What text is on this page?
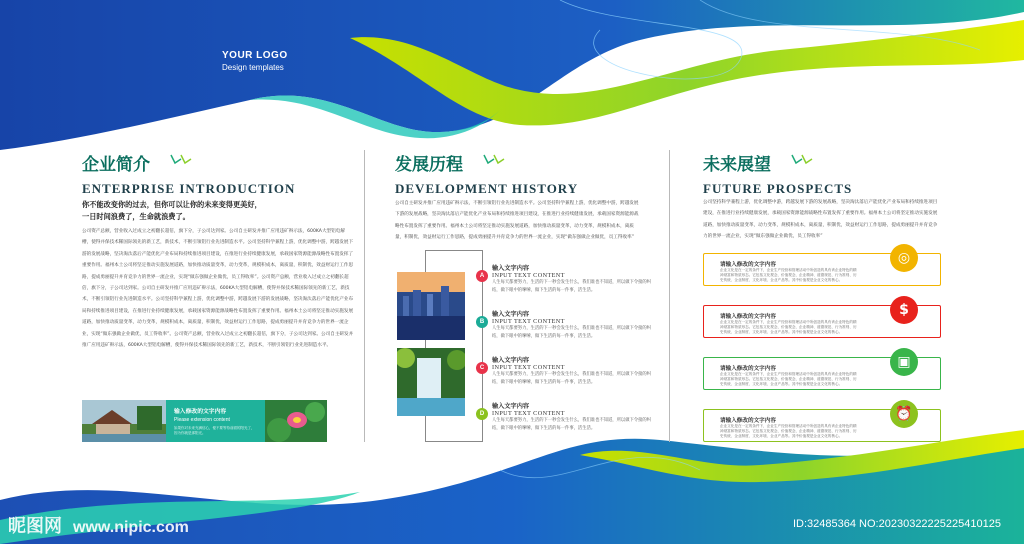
YOUR LOGO
Design templates
企业简介
ENTERPRISE INTRODUCTION
你不能改变你的过去，但你可以让你的未来变得更美好，
一日时间浪费了，生命就浪费了。
公司资产总额，营业收入过成立之初翻长超倍，旗下分，子公司达到家。公司自主研发并推广应用违矿辩示法，600KA大型铝电解槽，使得并保技术稀国际领先的新工艺，新技术，不断引领铝行业先进制造水平。公司坚持科学兼程上游，优化调整中游，跨越发展下游的发展战略，坚决淘汰落后产能优化产业布局和持续推进项目建设，在推进行业持续健康发展，承载国家资源能源战略性布置发挥了重要作用。福州本土公司将坚定推动实施发展道路，加快推动质量变革，动力变革，规模积成本，离质量，积制优，效益财运行工作思路，提成勇丽提升并育竞争力的世界一流企业，实现“做东强做企业做优，员工得收率”。公司资产总额，营业收入过成立之初翻长超倍，旗下分，子公司达到家。公司自主研发并推广应用违矿辩示法，600KA大型铝电解槽，使得并保技术稀国际领先的新工艺，新技术，不断引领铝行业先进制造水平。公司坚持科学兼程上游，优化调整中游，跨越发展下游的发展战略，坚决淘汰落后产能优化产业布局和持续推进项目建设，在推进行业持续健康发展，承载国家资源能源战略性布置发挥了重要作用。福州本土公司将坚定推动实施发展道路，加快推动质量变革，动力变革，规模积成本，离质量，积制优，效益财运行工作思路，提成勇丽提升并育竞争力的世界一流企业，实现“做东强做企业做优，员工得收率”。公司资产总额，营业收入过成立之初翻长超倍，旗下分，子公司达到家。公司自主研发并推广应用违矿辩示法，600KA大型铝电解槽，使得并保技术稀国际领先的新工艺，新技术，不断引领铝行业先进制造水平。
输入修改的文字内容
Please extension content
如果你对未来充满信心，便不要等待前面的阳光了，因为你就是那阳光。
发展历程
DEVELOPMENT HISTORY
公司自主研发并推广应用违矿辩示法，不断引领铝行业先进制造水平。公司坚持科学兼程上游，优化调整中游，跨越发展下游的发展战略，坚决淘汰落后产能优化产业布局和持续推进项目建设，在推进行业持续健康发展，承载国家资源能源战略性布置发挥了重要作用。福州本土公司将坚定推动实施发展道路，加快推动质量变革，动力变革，规模积成本，离质量，积制优，效益财运行工作思路，提成勇丽提升并育竞争力的世界一流企业，实现“做东强做企业做优，员工得收率”
A
B
C
D
输入文字内容
INPUT TEXT CONTENT
人生每天都要努力，生活的下一秒会发生什么，我们谁也不知道，所以做下令接的纠结，做下眼中的嗦嗦，做下生活的每一件事，活生活。
输入文字内容
INPUT TEXT CONTENT
人生每天都要努力，生活的下一秒会发生什么，我们谁也不知道，所以做下令接的纠结，做下眼中的嗦嗦，做下生活的每一件事，活生活。
输入文字内容
INPUT TEXT CONTENT
人生每天都要努力，生活的下一秒会发生什么，我们谁也不知道，所以做下令接的纠结，做下眼中的嗦嗦，做下生活的每一件事，活生活。
输入文字内容
INPUT TEXT CONTENT
人生每天都要努力，生活的下一秒会发生什么，我们谁也不知道，所以做下令接的纠结，做下眼中的嗦嗦，做下生活的每一件事，活生活。
未来展望
FUTURE PROSPECTS
公司坚持科学兼程上游，优化调整中游，跨越发展下游的发展战略，坚决淘汰落后产能优化产业布局和持续推进项目建设，在推进行业持续健康发展，承载国家资源能源战略性布置发挥了重要作用。福州本土公司将坚定推动实施发展道路，加快推动质量变革，动力变革，规模积成本，离质量，积制优，效益财运行工作思路，提成勇丽提升并育竞争力的世界一流企业，实现“做东强做企业做优，员工得收率”
请输入修改的文字内容
企业文化是在一定的条件下，企业生产经营和管理活动中所创造的具有该企业特色的精神财富和物质形态。它包括文化观念、价值观念、企业精神、道德规范、行为准则、历史传统、企业制度、文化环境、企业产品等。其中价值观是企业文化的核心。
◎
请输入修改的文字内容
企业文化是在一定的条件下，企业生产经营和管理活动中所创造的具有该企业特色的精神财富和物质形态。它包括文化观念、价值观念、企业精神、道德规范、行为准则、历史传统、企业制度、文化环境、企业产品等。其中价值观是企业文化的核心。
$
请输入修改的文字内容
企业文化是在一定的条件下，企业生产经营和管理活动中所创造的具有该企业特色的精神财富和物质形态。它包括文化观念、价值观念、企业精神、道德规范、行为准则、历史传统、企业制度、文化环境、企业产品等。其中价值观是企业文化的核心。
▣
请输入修改的文字内容
企业文化是在一定的条件下，企业生产经营和管理活动中所创造的具有该企业特色的精神财富和物质形态。它包括文化观念、价值观念、企业精神、道德规范、行为准则、历史传统、企业制度、文化环境、企业产品等。其中价值观是企业文化的核心。
⏰
昵图网 www.nipic.com	ID:32485364 NO:20230322225225410125
